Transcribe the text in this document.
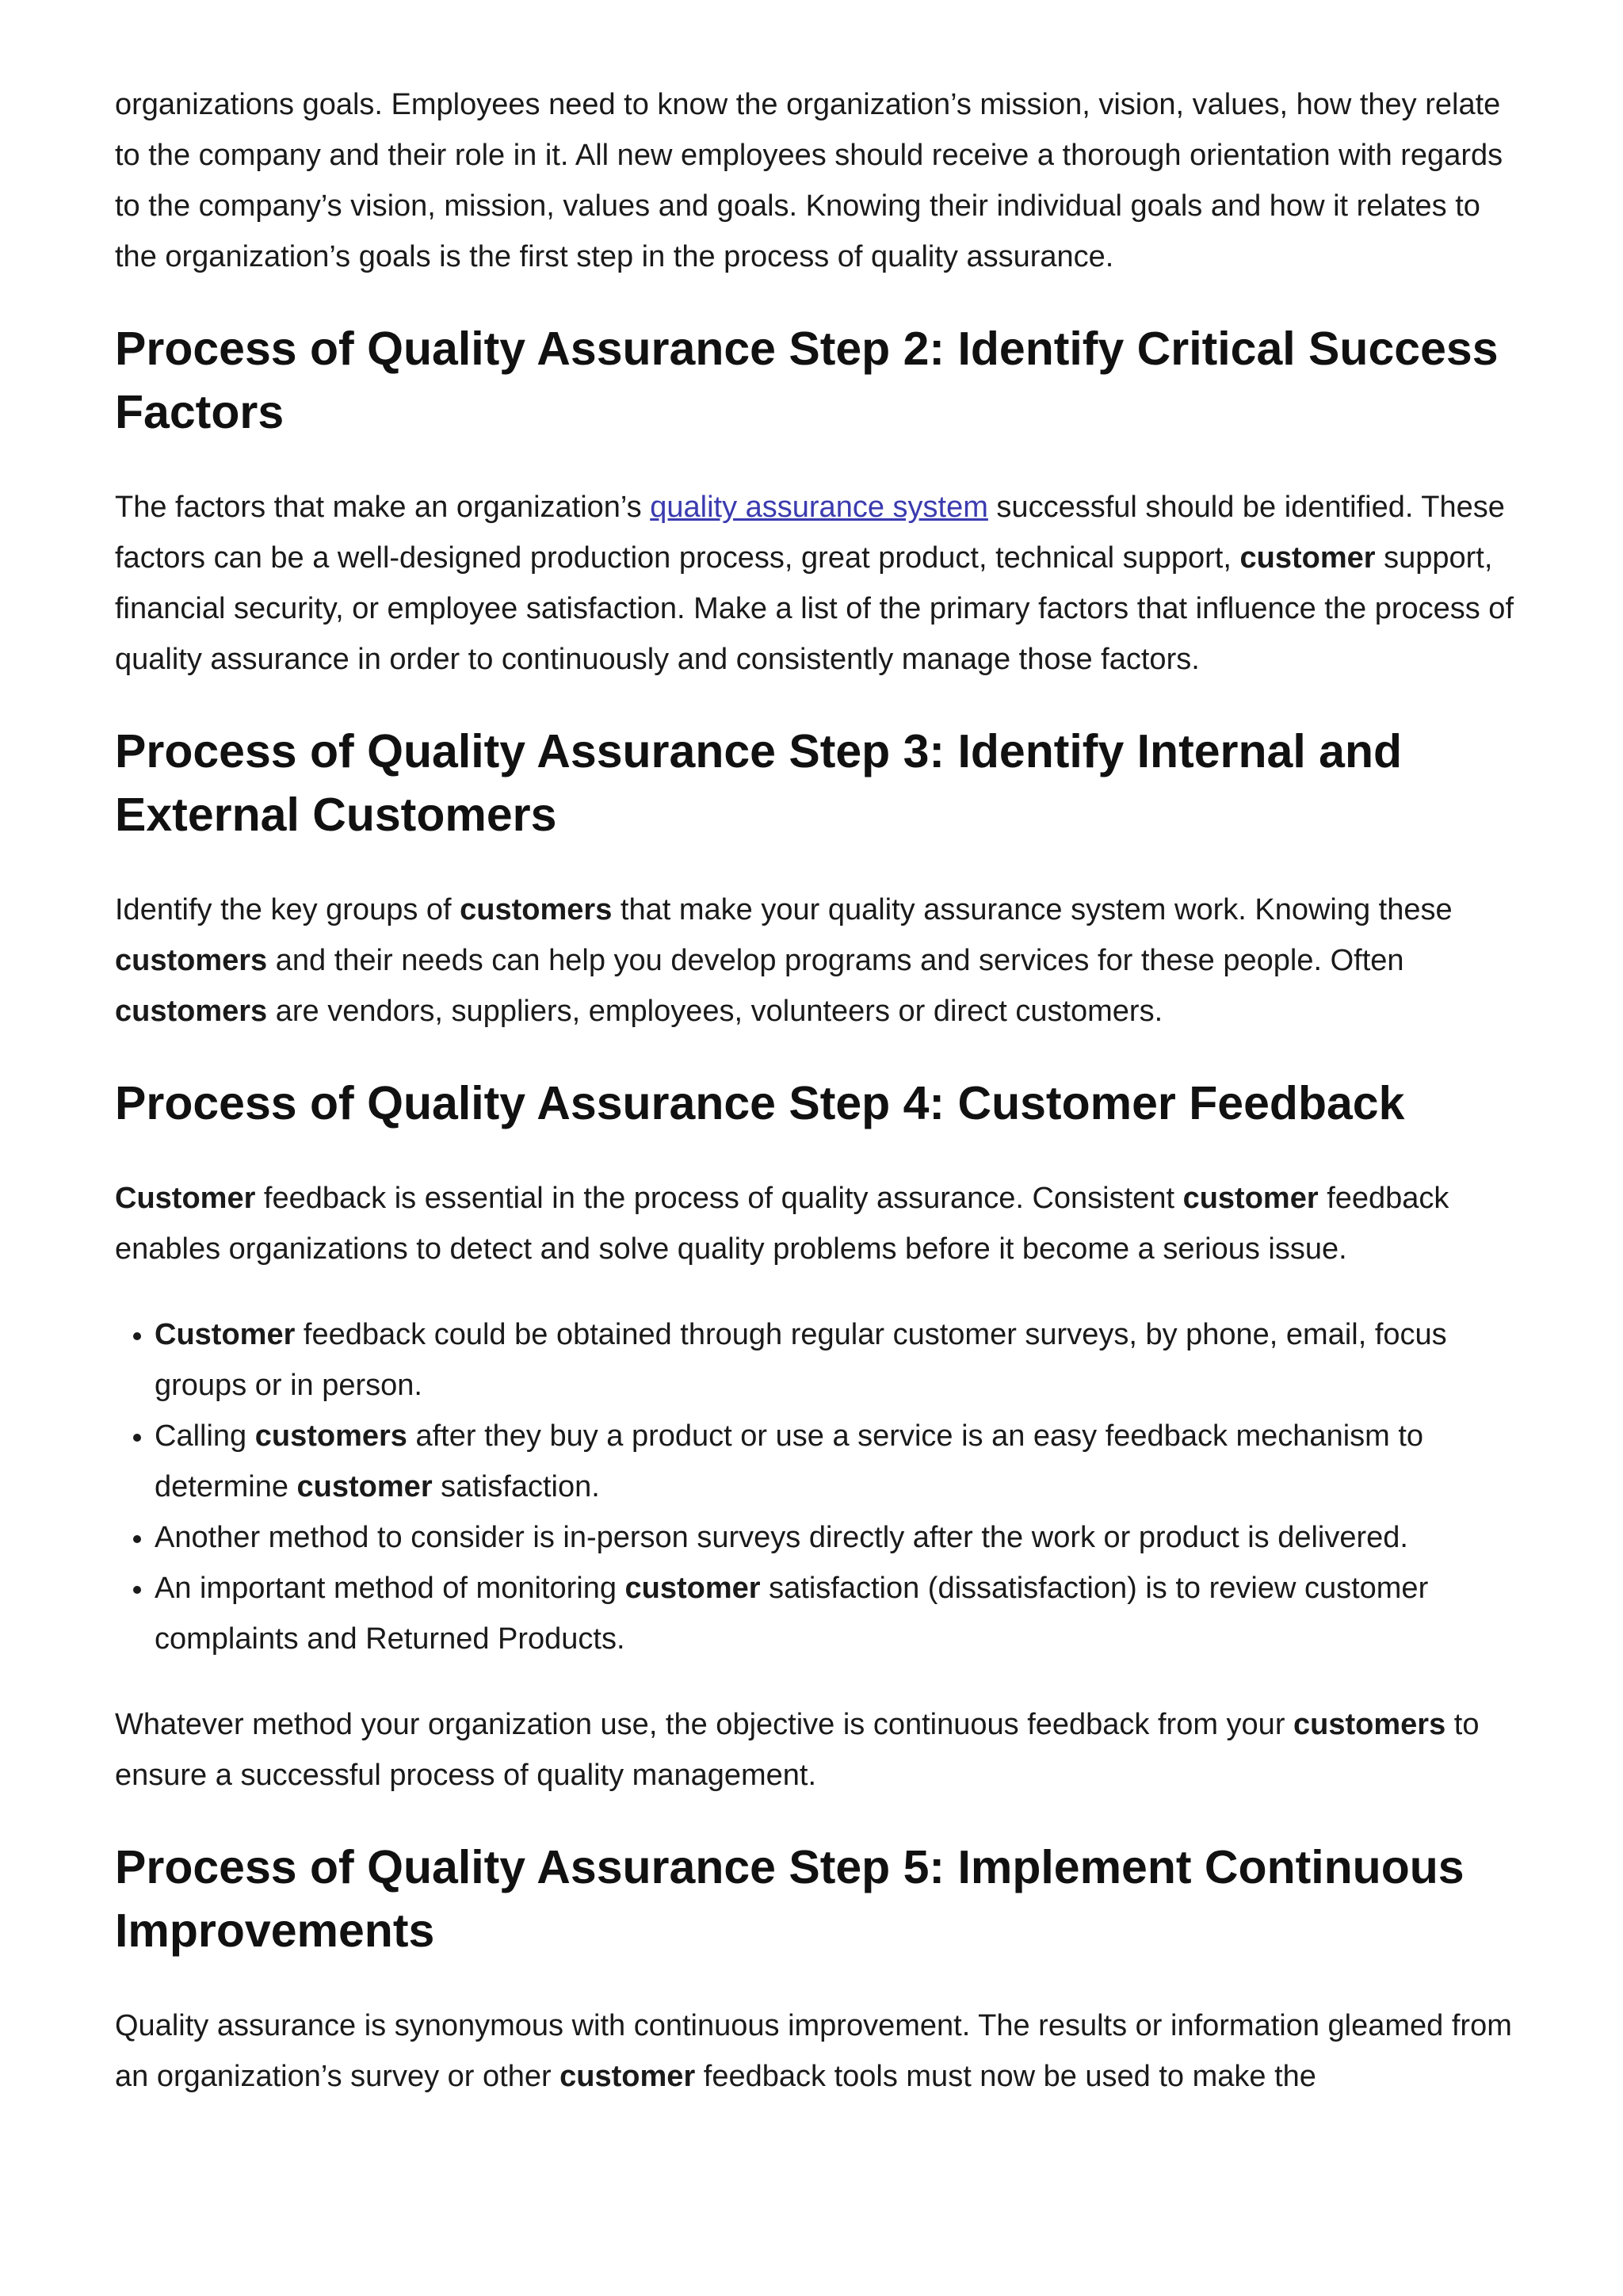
organizations goals. Employees need to know the organization’s mission, vision, values, how they relate to the company and their role in it. All new employees should receive a thorough orientation with regards to the company’s vision, mission, values and goals. Knowing their individual goals and how it relates to the organization’s goals is the first step in the process of quality assurance.

Process of Quality Assurance Step 2: Identify Critical Success Factors

The factors that make an organization’s quality assurance system successful should be identified. These factors can be a well-designed production process, great product, technical support, customer support, financial security, or employee satisfaction. Make a list of the primary factors that influence the process of quality assurance in order to continuously and consistently manage those factors.

Process of Quality Assurance Step 3: Identify Internal and External Customers

Identify the key groups of customers that make your quality assurance system work. Knowing these customers and their needs can help you develop programs and services for these people. Often customers are vendors, suppliers, employees, volunteers or direct customers.

Process of Quality Assurance Step 4: Customer Feedback

Customer feedback is essential in the process of quality assurance. Consistent customer feedback enables organizations to detect and solve quality problems before it become a serious issue.

• Customer feedback could be obtained through regular customer surveys, by phone, email, focus groups or in person.
• Calling customers after they buy a product or use a service is an easy feedback mechanism to determine customer satisfaction.
• Another method to consider is in-person surveys directly after the work or product is delivered.
• An important method of monitoring customer satisfaction (dissatisfaction) is to review customer complaints and Returned Products.

Whatever method your organization use, the objective is continuous feedback from your customers to ensure a successful process of quality management.

Process of Quality Assurance Step 5: Implement Continuous Improvements

Quality assurance is synonymous with continuous improvement. The results or information gleamed from an organization’s survey or other customer feedback tools must now be used to make the
